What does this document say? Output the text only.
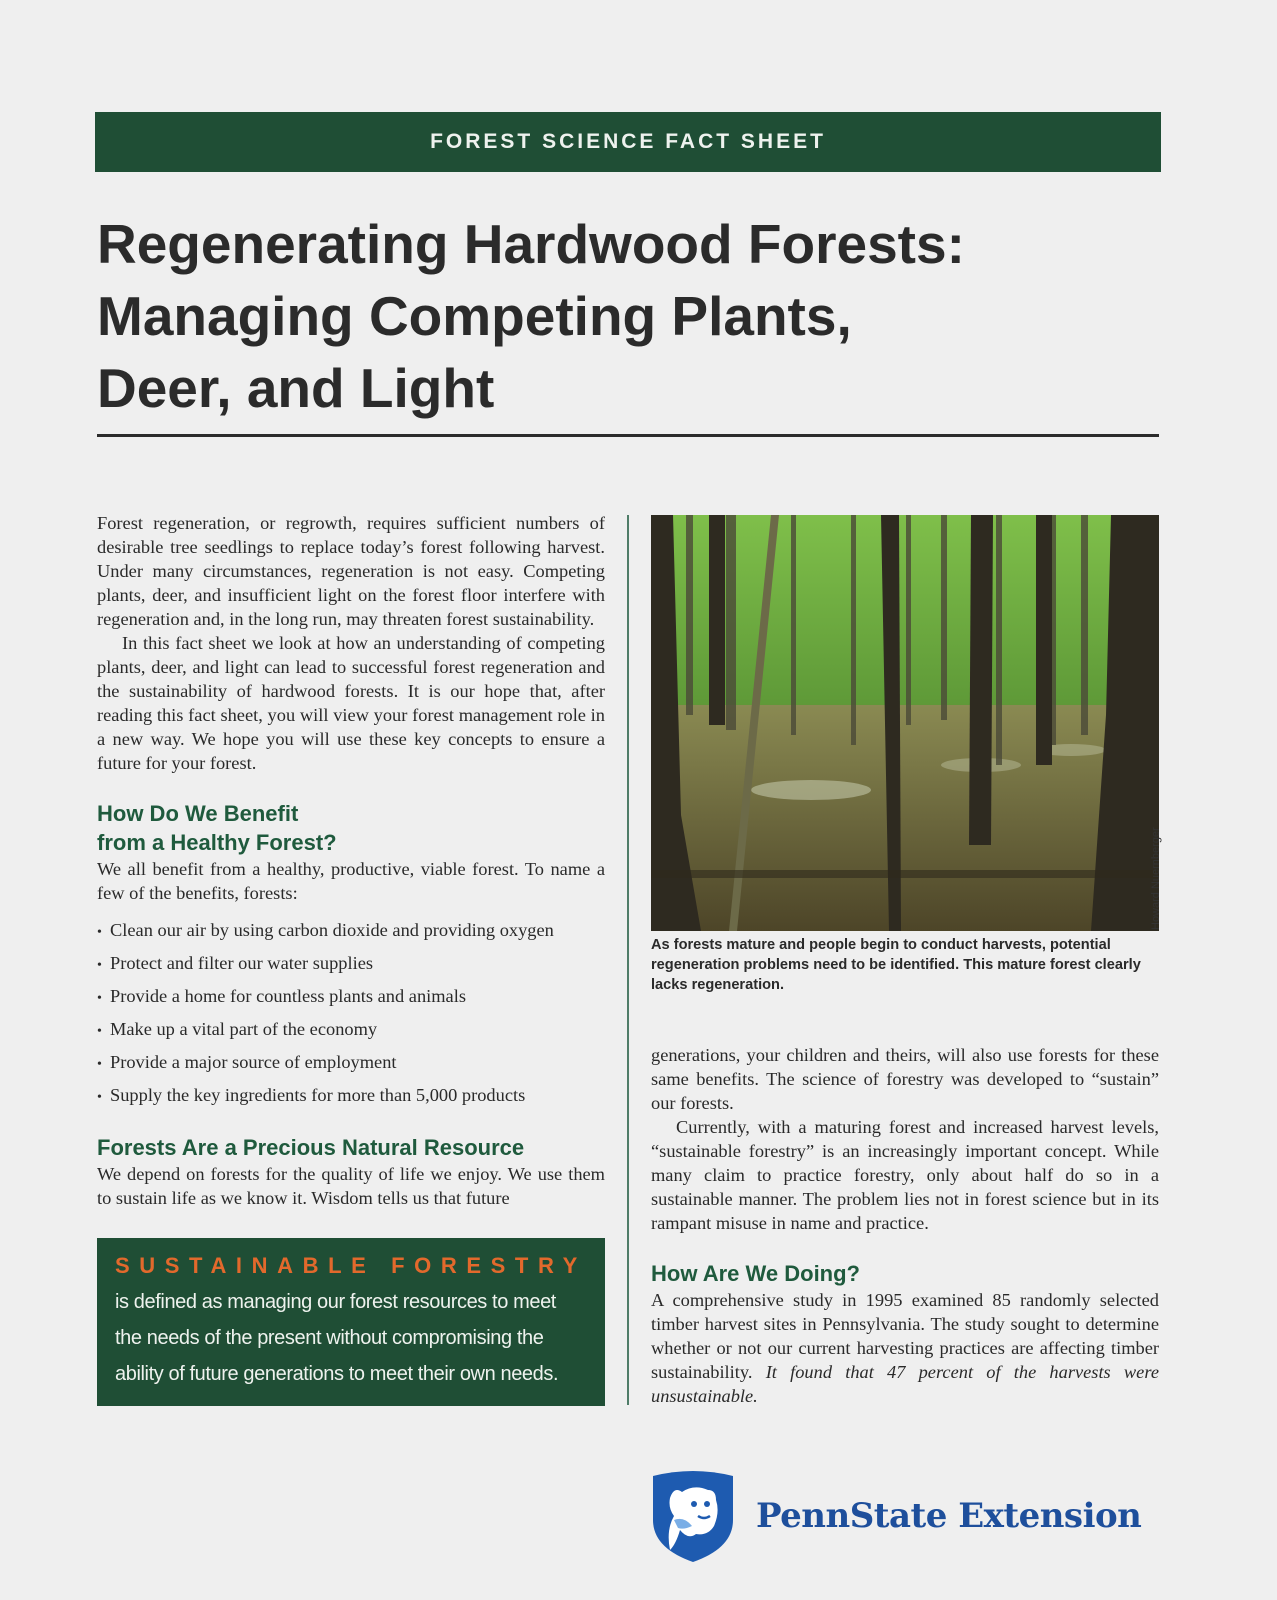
FOREST SCIENCE FACT SHEET
Regenerating Hardwood Forests:
Managing Competing Plants,
Deer, and Light

Forest regeneration, or regrowth, requires sufficient numbers of desirable tree seedlings to replace today’s forest following harvest. Under many circumstances, regeneration is not easy. Competing plants, deer, and insufficient light on the forest floor interfere with regeneration and, in the long run, may threaten forest sustainability.

In this fact sheet we look at how an understanding of competing plants, deer, and light can lead to successful forest regeneration and the sustainability of hardwood forests. It is our hope that, after reading this fact sheet, you will view your forest management role in a new way. We hope you will use these key concepts to ensure a future for your forest.

How Do We Benefit
from a Healthy Forest?

We all benefit from a healthy, productive, viable forest. To name a few of the benefits, forests:

• Clean our air by using carbon dioxide and providing oxygen
• Protect and filter our water supplies
• Provide a home for countless plants and animals
• Make up a vital part of the economy
• Provide a major source of employment
• Supply the key ingredients for more than 5,000 products
Forests Are a Precious Natural Resource

We depend on forests for the quality of life we enjoy. We use them to sustain life as we know it. Wisdom tells us that future

SUSTAINABLE FORESTRY
is defined as managing our forest resources to meet the needs of the present without compromising the ability of future generations to meet their own needs.
Howard Nuernberger
As forests mature and people begin to conduct harvests, potential regeneration problems need to be identified. This mature forest clearly lacks regeneration.

generations, your children and theirs, will also use forests for these same benefits. The science of forestry was developed to “sustain” our forests.

Currently, with a maturing forest and increased harvest levels, “sustainable forestry” is an increasingly important concept. While many claim to practice forestry, only about half do so in a sustainable manner. The problem lies not in forest science but in its rampant misuse in name and practice.

How Are We Doing?

A comprehensive study in 1995 examined 85 randomly selected timber harvest sites in Pennsylvania. The study sought to determine whether or not our current harvesting practices are affecting timber sustainability. It found that 47 percent of the harvests were unsustainable.

PennState Extension
